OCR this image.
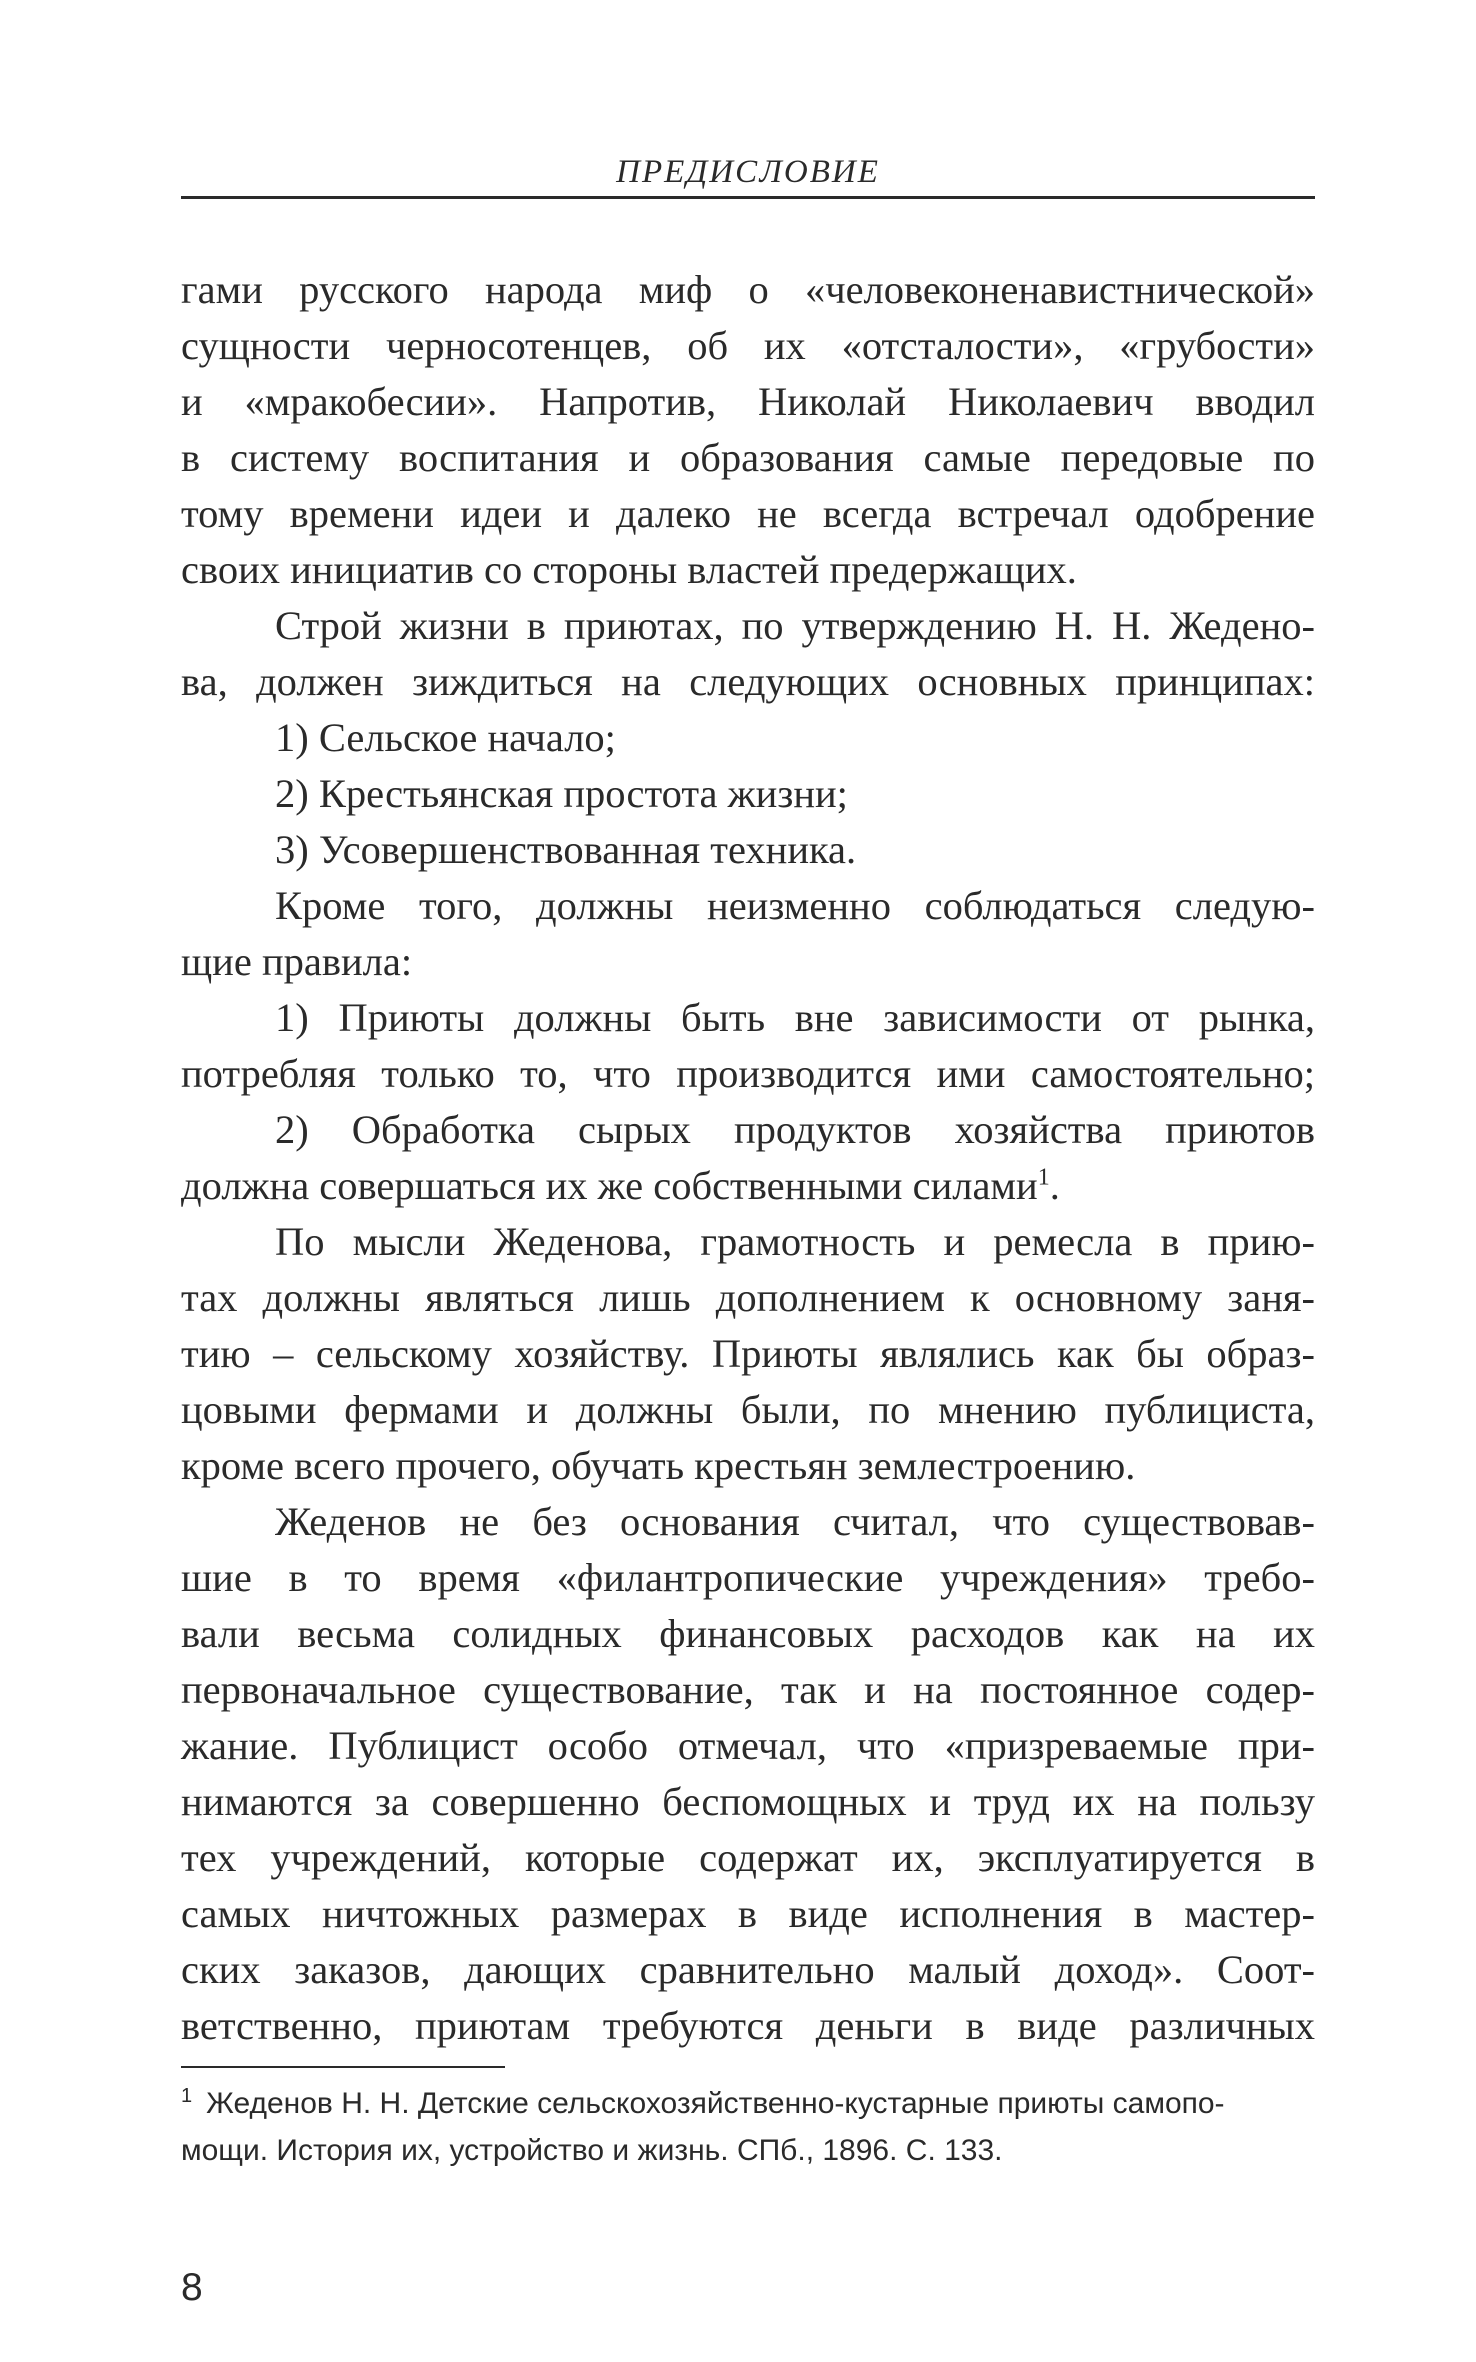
ПРЕДИСЛОВИЕ
гами русского народа миф о «человеконенавистнической»
сущности черносотенцев, об их «отсталости», «грубости»
и «мракобесии». Напротив, Николай Николаевич вводил
в систему воспитания и образования самые передовые по
тому времени идеи и далеко не всегда встречал одобрение
своих инициатив со стороны властей предержащих.
Строй жизни в приютах, по утверждению Н. Н. Жедено-
ва, должен зиждиться на следующих основных принципах:
1) Сельское начало;
2) Крестьянская простота жизни;
3) Усовершенствованная техника.
Кроме того, должны неизменно соблюдаться следую-
щие правила:
1) Приюты должны быть вне зависимости от рынка,
потребляя только то, что производится ими самостоятельно;
2) Обработка сырых продуктов хозяйства приютов
должна совершаться их же собственными силами$^1$.
По мысли Жеденова, грамотность и ремесла в прию-
тах должны являться лишь дополнением к основному заня-
тию – сельскому хозяйству. Приюты являлись как бы образ-
цовыми фермами и должны были, по мнению публициста,
кроме всего прочего, обучать крестьян землестроению.
Жеденов не без основания считал, что существовав-
шие в то время «филантропические учреждения» требо-
вали весьма солидных финансовых расходов как на их
первоначальное существование, так и на постоянное содер-
жание. Публицист особо отмечал, что «призреваемые при-
нимаются за совершенно беспомощных и труд их на пользу
тех учреждений, которые содержат их, эксплуатируется в
самых ничтожных размерах в виде исполнения в мастер-
ских заказов, дающих сравнительно малый доход». Соот-
ветственно, приютам требуются деньги в виде различных
$^1$ Жеденов Н. Н. Детские сельскохозяйственно-кустарные приюты самопо-
мощи. История их, устройство и жизнь. СПб., 1896. С. 133.
8
